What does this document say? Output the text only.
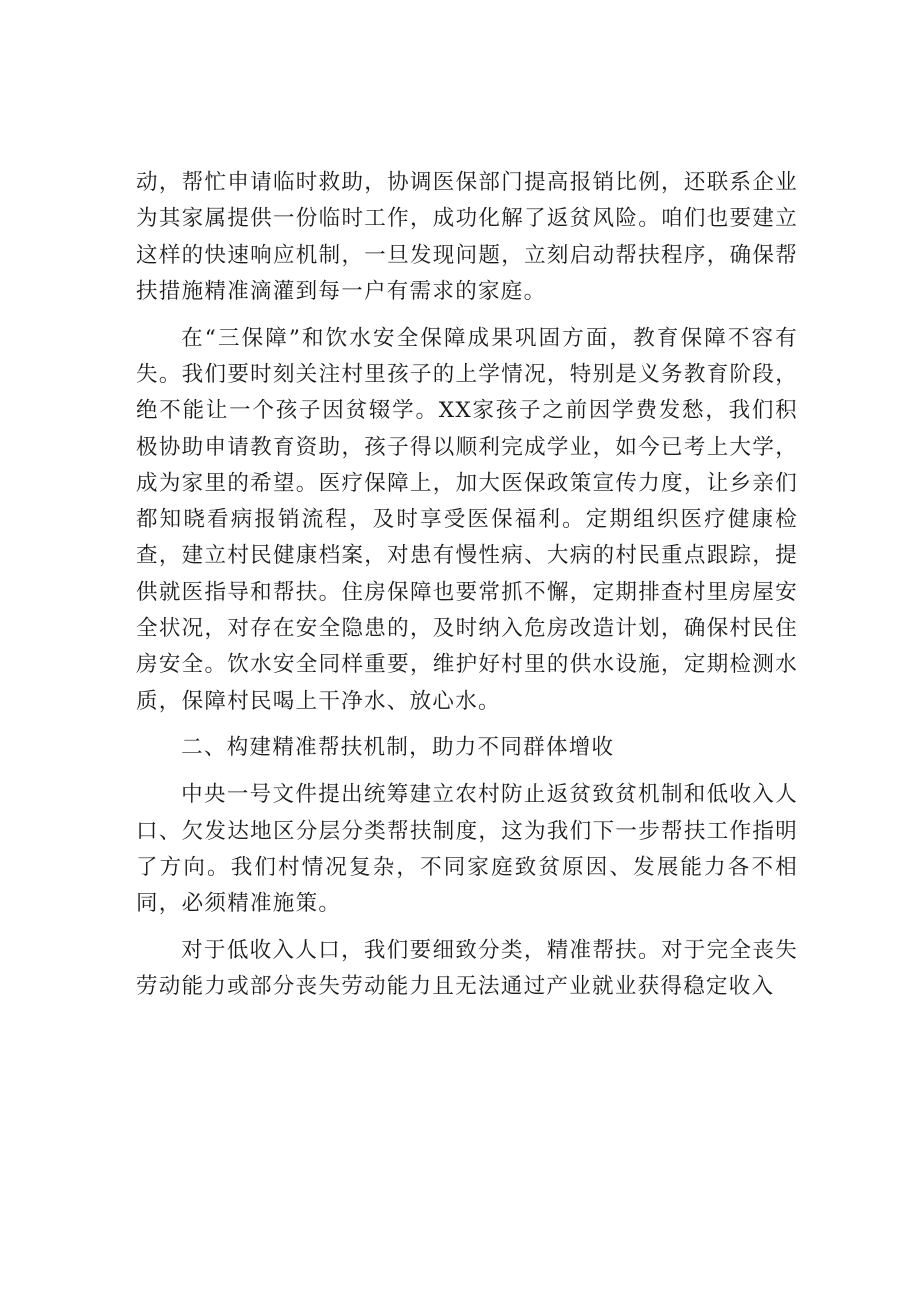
动，帮忙申请临时救助，协调医保部门提高报销比例，还联系企业为其家属提供一份临时工作，成功化解了返贫风险。咱们也要建立这样的快速响应机制，一旦发现问题，立刻启动帮扶程序，确保帮扶措施精准滴灌到每一户有需求的家庭。

在“三保障”和饮水安全保障成果巩固方面，教育保障不容有失。我们要时刻关注村里孩子的上学情况，特别是义务教育阶段，绝不能让一个孩子因贫辍学。XX家孩子之前因学费发愁，我们积极协助申请教育资助，孩子得以顺利完成学业，如今已考上大学，成为家里的希望。医疗保障上，加大医保政策宣传力度，让乡亲们都知晓看病报销流程，及时享受医保福利。定期组织医疗健康检查，建立村民健康档案，对患有慢性病、大病的村民重点跟踪，提供就医指导和帮扶。住房保障也要常抓不懈，定期排查村里房屋安全状况，对存在安全隐患的，及时纳入危房改造计划，确保村民住房安全。饮水安全同样重要，维护好村里的供水设施，定期检测水质，保障村民喝上干净水、放心水。

二、构建精准帮扶机制，助力不同群体增收

中央一号文件提出统筹建立农村防止返贫致贫机制和低收入人口、欠发达地区分层分类帮扶制度，这为我们下一步帮扶工作指明了方向。我们村情况复杂，不同家庭致贫原因、发展能力各不相同，必须精准施策。

对于低收入人口，我们要细致分类，精准帮扶。对于完全丧失劳动能力或部分丧失劳动能力且无法通过产业就业获得稳定收入
